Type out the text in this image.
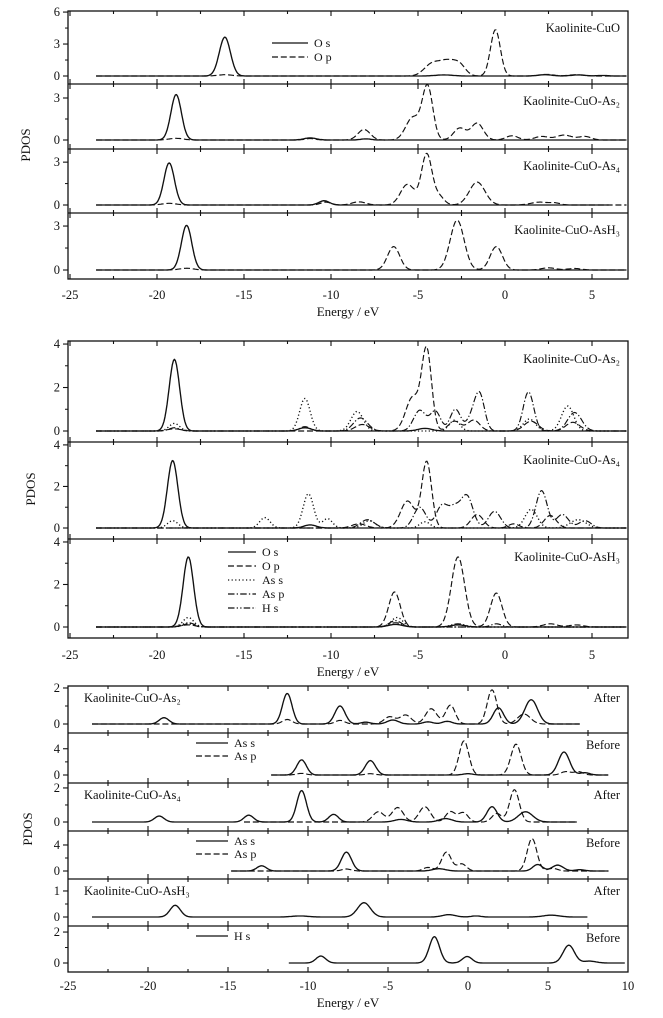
-25	-20	-15	-10	-5	0	5
Energy / eV
PDOS
0
3
6
Kaolinite-CuO
0
3	Kaolinite-CuO-As₂
0
3	Kaolinite-CuO-As₄
0
3	Kaolinite-CuO-AsH₃
O s
O p
-25	-20	-15	-10	-5	0	5
Energy / eV
PDOS
0
2
4
Kaolinite-CuO-As₂
0
2
4
Kaolinite-CuO-As₄
0
2
4
Kaolinite-CuO-AsH₃
O s
O p
As s
As p
H s
-25	-20	-15	-10	-5	0	5	10
Energy / eV
PDOS
0
2
Kaolinite-CuO-As₂	After
0
4	Before
0
2
Kaolinite-CuO-As₄	After
0
4	Before
0
1 Kaolinite-CuO-AsH₃	After
0
2	Before
As s
As p
As s
As p
H s
